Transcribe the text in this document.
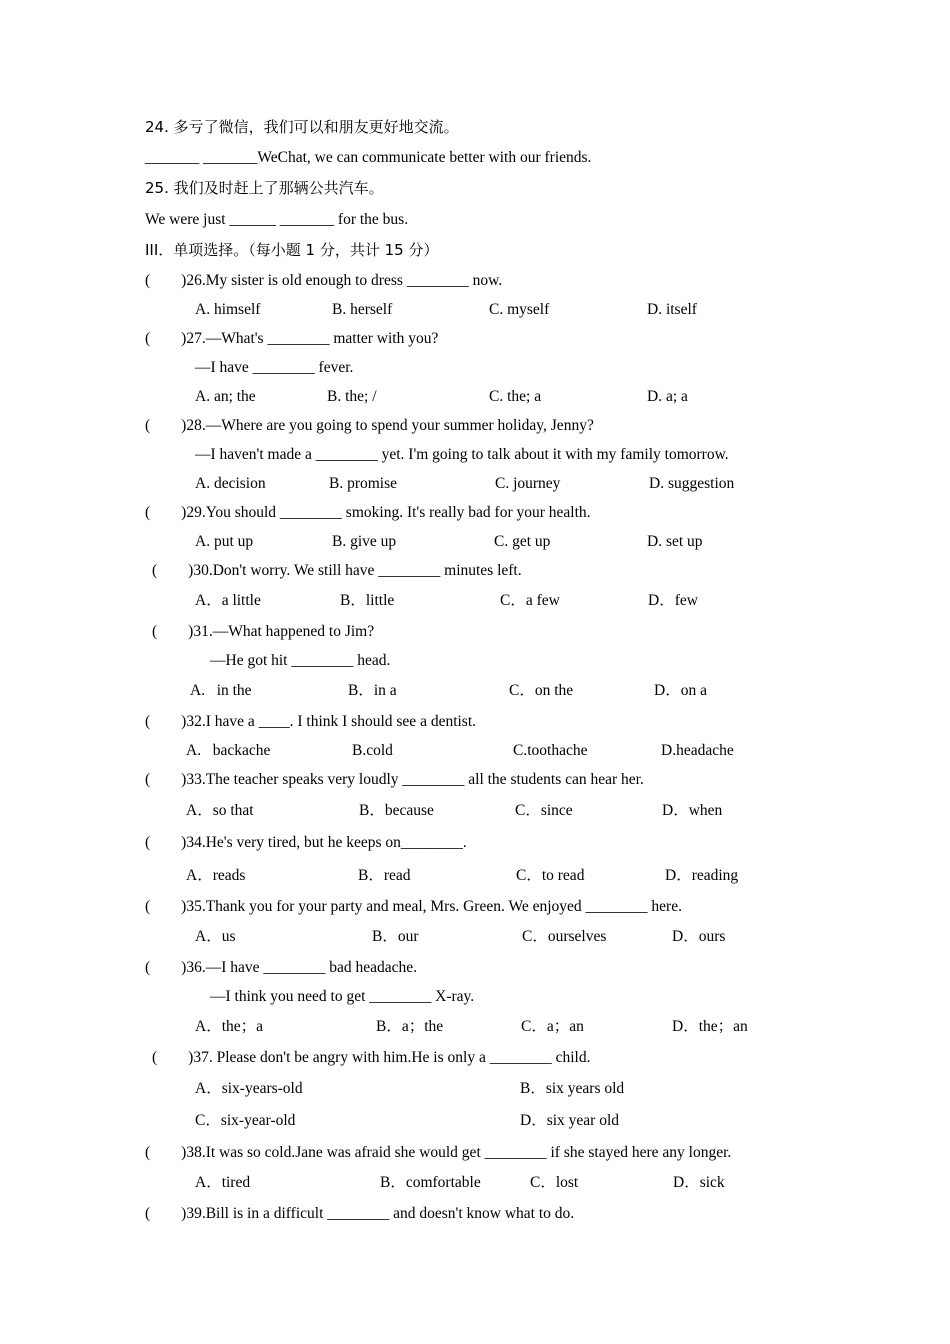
24. 多亏了微信，我们可以和朋友更好地交流。
_______ _______WeChat, we can communicate better with our friends.
25. 我们及时赶上了那辆公共汽车。
We were just ______ _______ for the bus.
III．单项选择。（每小题 1 分，共计 15 分）
(        )26.My sister is old enough to dress ________ now.
A. himself	B. herself	C. myself	D. itself
(        )27.—What's ________ matter with you?
—I have ________ fever.
A. an; the	B. the; /	C. the; a	D. a; a
(        )28.—Where are you going to spend your summer holiday, Jenny?
—I haven't made a ________ yet. I'm going to talk about it with my family tomorrow.
A. decision	B. promise	C. journey	D. suggestion
(        )29.You should ________ smoking. It's really bad for your health.
A. put up	B. give up	C. get up	D. set up
(        )30.Don't worry. We still have ________ minutes left.
A．a little	B．little	C．a few	D．few
(        )31.—What happened to Jim?
—He got hit ________ head.
A.   in the	B．in a	C．on the	D．on a
(        )32.I have a ____. I think I should see a dentist.
A.   backache	B.cold	C.toothache	D.headache
(        )33.The teacher speaks very loudly ________ all the students can hear her.
A．so that	B．because	C．since	D．when
(        )34.He's very tired, but he keeps on________.
A．reads	B．read	C．to read	D．reading
(        )35.Thank you for your party and meal, Mrs. Green. We enjoyed ________ here.
A．us	B．our	C．ourselves	D．ours
(        )36.—I have ________ bad headache.
—I think you need to get ________ X-ray.
A．the；a	B．a；the	C．a；an	D．the；an
(        )37. Please don't be angry with him.He is only a ________ child.
A．six-years-old	B．six years old
C．six-year-old	D．six year old
(        )38.It was so cold.Jane was afraid she would get ________ if she stayed here any longer.
A．tired	B．comfortable	C．lost	D．sick
(        )39.Bill is in a difficult ________ and doesn't know what to do.
